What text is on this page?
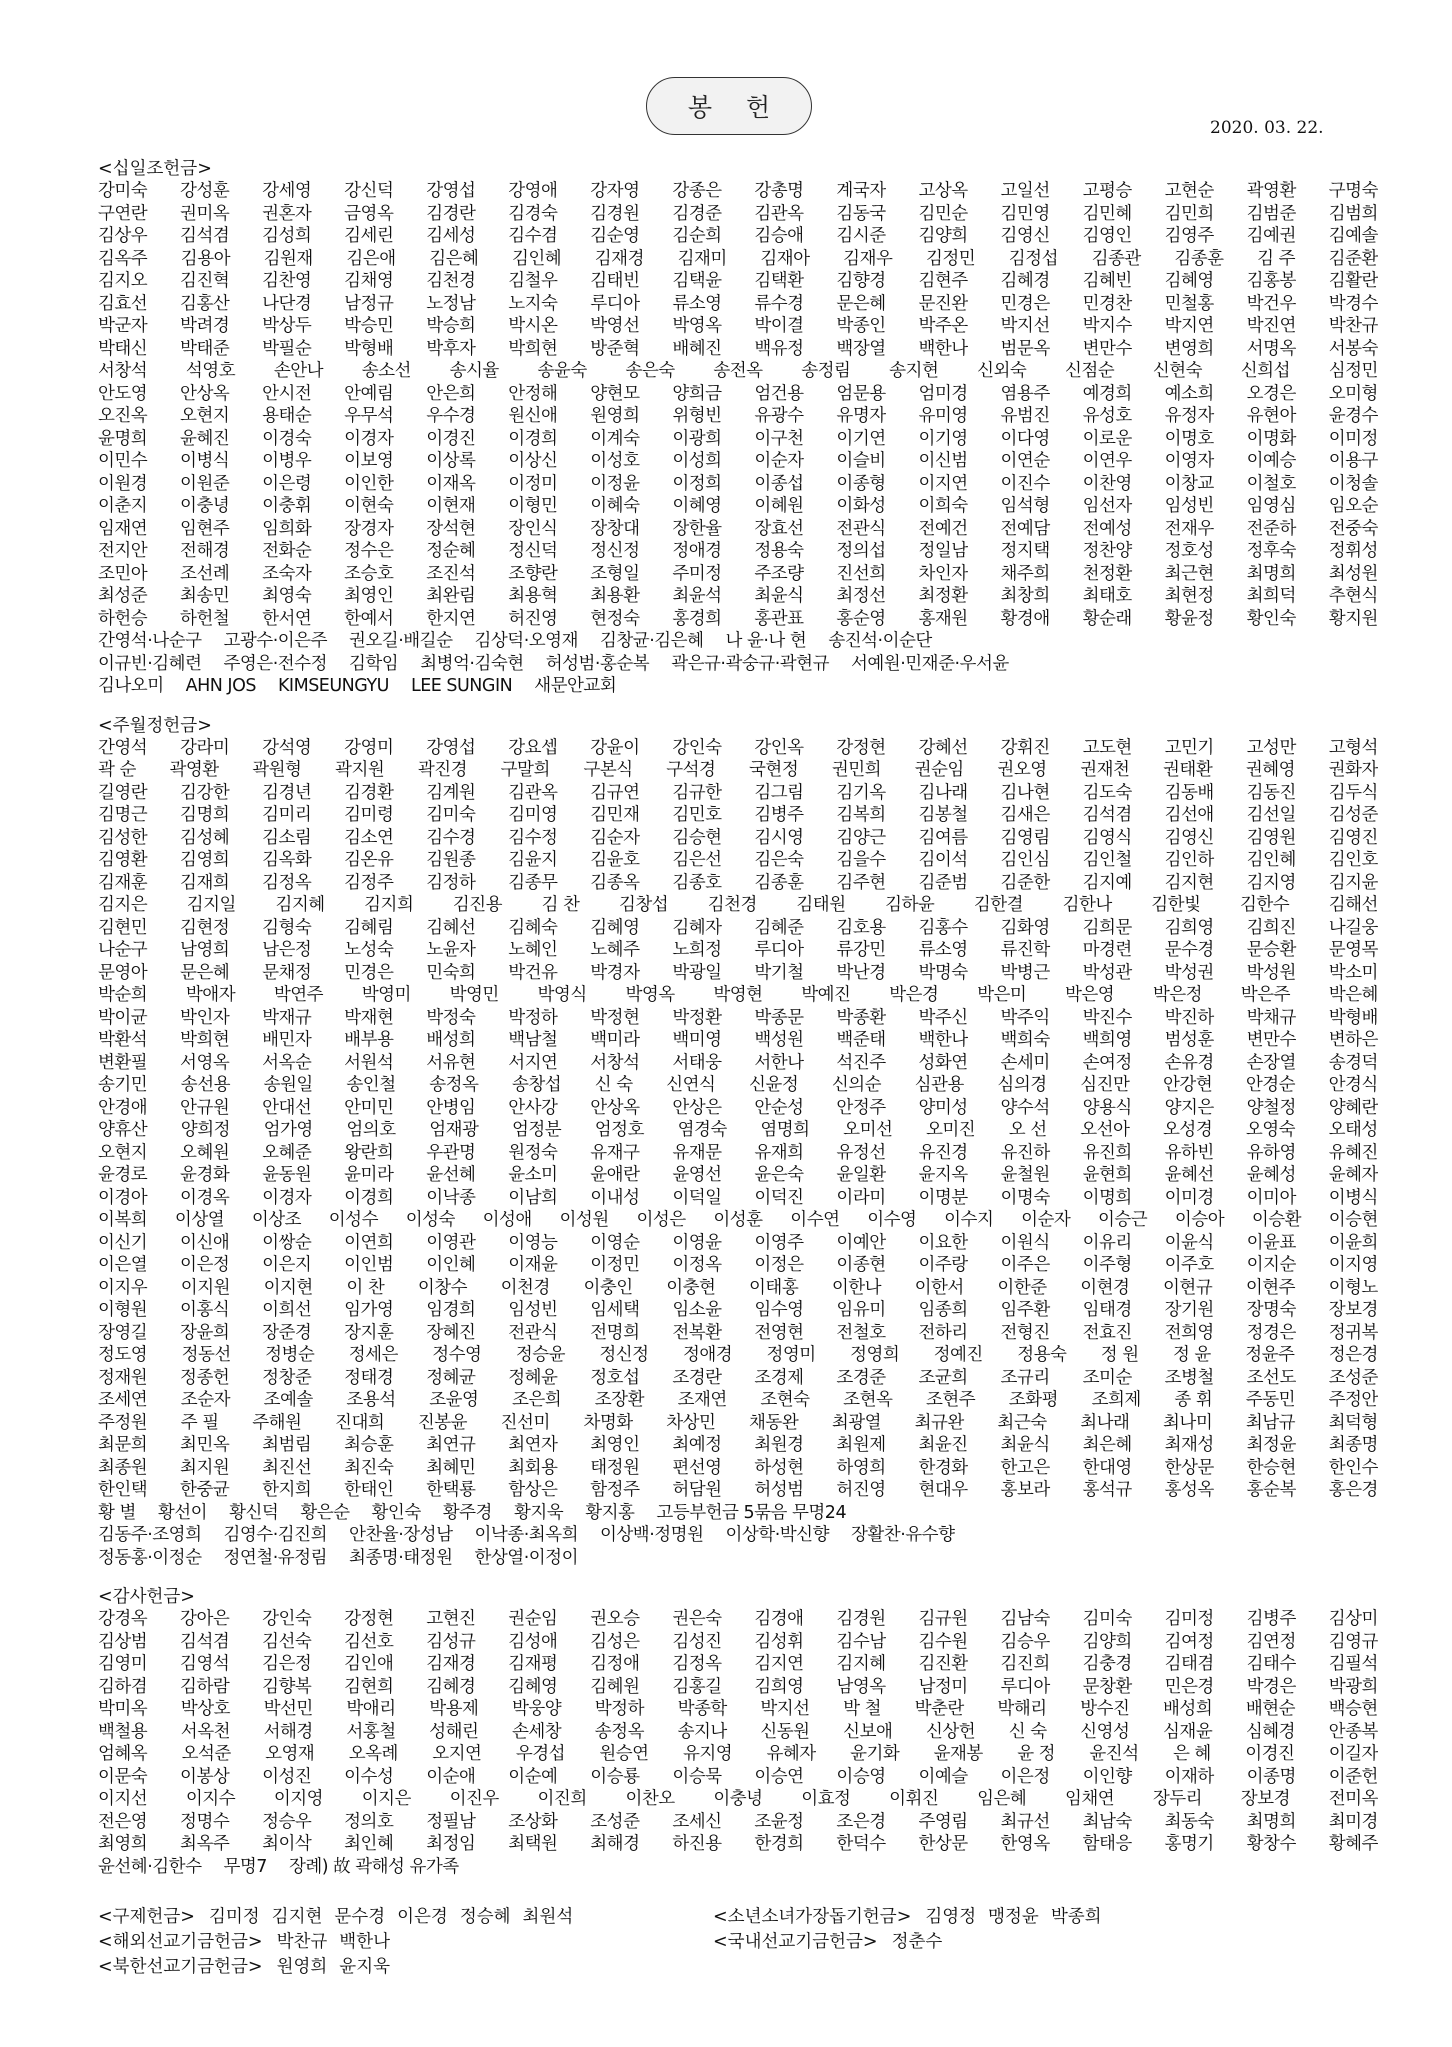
봉헌
2020. 03. 22.
<십일조헌금>
강미숙 강성훈 강세영 강신덕 강영섭 강영애 강자영 강종은 강총명 계국자 고상옥 고일선 고평승 고현순 곽영환 구명숙
구연란 권미옥 권혼자 금영옥 김경란 김경숙 김경원 김경준 김관옥 김동국 김민순 김민영 김민혜 김민희 김범준 김범희
김상우 김석겸 김성희 김세린 김세성 김수겸 김순영 김순희 김승애 김시준 김양희 김영신 김영인 김영주 김예권 김예솔
김옥주 김용아 김원재 김은애 김은혜 김인혜 김재경 김재미 김재아 김재우 김정민 김정섭 김종관 김종훈 김 주 김준환
김지오 김진혁 김찬영 김채영 김천경 김철우 김태빈 김택윤 김택환 김향경 김현주 김혜경 김혜빈 김혜영 김홍봉 김활란
김효선 김홍산 나단경 남정규 노정남 노지숙 루디아 류소영 류수경 문은혜 문진완 민경은 민경찬 민철홍 박건우 박경수
박군자 박려경 박상두 박승민 박승희 박시온 박영선 박영옥 박이결 박종인 박주온 박지선 박지수 박지연 박진연 박찬규
박태신 박태준 박필순 박형배 박후자 박희현 방준혁 배혜진 백유정 백장열 백한나 범문옥 변만수 변영희 서명옥 서봉숙
서창석 석영호 손안나 송소선 송시율 송윤숙 송은숙 송전옥 송정림 송지현 신외숙 신점순 신현숙 신희섭 심정민
안도영 안상옥 안시전 안예림 안은희 안정해 양현모 양희금 엄건용 엄문용 엄미경 염용주 예경희 예소희 오경은 오미형
오진옥 오현지 용태순 우무석 우수경 원신애 원영희 위형빈 유광수 유명자 유미영 유범진 유성호 유정자 유현아 윤경수
윤명희 윤혜진 이경숙 이경자 이경진 이경희 이계숙 이광희 이구천 이기연 이기영 이다영 이로운 이명호 이명화 이미정
이민수 이병식 이병우 이보영 이상록 이상신 이성호 이성희 이순자 이슬비 이신범 이연순 이연우 이영자 이예승 이용구
이원경 이원준 이은령 이인한 이재옥 이정미 이정윤 이정희 이종섭 이종형 이지연 이진수 이찬영 이창교 이철호 이청솔
이춘지 이충녕 이충휘 이현숙 이현재 이형민 이혜숙 이혜영 이혜원 이화성 이희숙 임석형 임선자 임성빈 임영심 임오순
임재연 임현주 임희화 장경자 장석현 장인식 장창대 장한율 장효선 전관식 전예건 전예담 전예성 전재우 전준하 전중숙
전지안 전해경 전화순 정수은 정순혜 정신덕 정신정 정애경 정용숙 정의섭 정일남 정지택 정찬양 정호성 정후숙 정휘성
조민아 조선례 조숙자 조승호 조진석 조향란 조형일 주미정 주조량 진선희 차인자 채주희 천정환 최근현 최명희 최성원
최성준 최송민 최영숙 최영인 최완림 최용혁 최용환 최윤석 최윤식 최정선 최정환 최창희 최태호 최현정 최희덕 추현식
하헌승 하헌철 한서연 한예서 한지연 허진영 현정숙 홍경희 홍관표 홍순영 홍재원 황경애 황순래 황윤정 황인숙 황지원
간영석·나순구 고광수·이은주 권오길·배길순 김상덕·오영재 김창균·김은혜 나 윤·나 현 송진석·이순단
이규빈·김혜련 주영은·전수정 김학임 최병억·김숙현 허성범·홍순복 곽은규·곽숭규·곽현규 서예원·민재준·우서윤
김나오미 AHN JOS KIMSEUNGYU LEE SUNGIN 새문안교회
<주월정헌금>
간영석 강라미 강석영 강영미 강영섭 강요셉 강윤이 강인숙 강인옥 강정현 강혜선 강휘진 고도현 고민기 고성만 고형석
곽 순 곽영환 곽원형 곽지원 곽진경 구말희 구본식 구석경 국현정 권민희 권순임 권오영 권재천 권태환 권혜영 권화자
길영란 김강한 김경년 김경환 김계원 김관옥 김규연 김규한 김그림 김기옥 김나래 김나현 김도숙 김동배 김동진 김두식
김명근 김명희 김미리 김미령 김미숙 김미영 김민재 김민호 김병주 김복희 김봉철 김새은 김석겸 김선애 김선일 김성준
김성한 김성혜 김소림 김소연 김수경 김수정 김순자 김승현 김시영 김양근 김여름 김영림 김영식 김영신 김영원 김영진
김영환 김영희 김옥화 김온유 김원종 김윤지 김윤호 김은선 김은숙 김을수 김이석 김인심 김인철 김인하 김인혜 김인호
김재훈 김재희 김정옥 김정주 김정하 김종무 김종옥 김종호 김종훈 김주현 김준범 김준한 김지예 김지현 김지영 김지윤
김지은 김지일 김지혜 김지희 김진용 김 찬 김창섭 김천경 김태원 김하윤 김한결 김한나 김한빛 김한수 김해선
김현민 김현정 김형숙 김혜림 김혜선 김혜숙 김혜영 김혜자 김혜준 김호용 김홍수 김화영 김희문 김희영 김희진 나길웅
나순구 남영희 남은정 노성숙 노윤자 노혜인 노혜주 노희정 루디아 류강민 류소영 류진학 마경련 문수경 문승환 문영목
문영아 문은혜 문채정 민경은 민숙희 박건유 박경자 박광일 박기철 박난경 박명숙 박병근 박성관 박성권 박성원 박소미
박순희 박애자 박연주 박영미 박영민 박영식 박영옥 박영현 박예진 박은경 박은미 박은영 박은정 박은주 박은혜
박이균 박인자 박재규 박재현 박정숙 박정하 박정현 박정환 박종문 박종환 박주신 박주익 박진수 박진하 박채규 박형배
박환석 박희현 배민자 배부용 배성희 백남철 백미라 백미영 백성원 백준태 백한나 백희숙 백희영 범성훈 변만수 변하은
변환필 서영옥 서옥순 서원석 서유현 서지연 서창석 서태웅 서한나 석진주 성화연 손세미 손여정 손유경 손장열 송경덕
송기민 송선용 송원일 송인철 송정옥 송창섭 신 숙 신연식 신윤정 신의순 심관용 심의경 심진만 안강현 안경순 안경식
안경애 안규원 안대선 안미민 안병임 안사강 안상옥 안상은 안순성 안정주 양미성 양수석 양용식 양지은 양철정 양혜란
양휴산 양희정 엄가영 엄의호 엄재광 엄정분 엄정호 염경숙 염명희 오미선 오미진 오 선 오선아 오성경 오영숙 오태성
오현지 오혜원 오혜준 왕란희 우관명 원정숙 유재구 유재문 유재희 유정선 유진경 유진하 유진희 유하빈 유하영 유혜진
윤경로 윤경화 윤동원 윤미라 윤선혜 윤소미 윤애란 윤영선 윤은숙 윤일환 윤지옥 윤철원 윤현희 윤혜선 윤혜성 윤혜자
이경아 이경옥 이경자 이경희 이낙종 이남희 이내성 이덕일 이덕진 이라미 이명분 이명숙 이명희 이미경 이미아 이병식
이복희 이상열 이상조 이성수 이성숙 이성애 이성원 이성은 이성훈 이수연 이수영 이수지 이순자 이승근 이승아 이승환 이승현
이신기 이신애 이쌍순 이연희 이영관 이영능 이영순 이영윤 이영주 이예안 이요한 이원식 이유리 이윤식 이윤표 이윤희
이은열 이은정 이은지 이인범 이인혜 이재윤 이정민 이정옥 이정은 이종현 이주랑 이주은 이주형 이주호 이지순 이지영
이지우 이지원 이지현 이 찬 이창수 이천경 이충인 이충현 이태홍 이한나 이한서 이한준 이현경 이현규 이현주 이형노
이형원 이홍식 이희선 임가영 임경희 임성빈 임세택 임소윤 임수영 임유미 임종희 임주환 임태경 장기원 장명숙 장보경
장영길 장윤희 장준경 장지훈 장혜진 전관식 전명희 전복환 전영현 전철호 전하리 전형진 전효진 전희영 정경은 정귀복
정도영 정동선 정병순 정세은 정수영 정승윤 정신정 정애경 정영미 정영희 정예진 정용숙 정 원 정 윤 정윤주 정은경
정재원 정종헌 정창준 정태경 정혜균 정혜윤 정호섭 조경란 조경제 조경준 조균희 조규리 조미순 조병철 조선도 조성준
조세연 조순자 조예솔 조용석 조윤영 조은희 조장환 조재연 조현숙 조현옥 조현주 조화평 조희제 종 휘 주동민 주정안
주정원 주 필 주해원 진대희 진봉윤 진선미 차명화 차상민 채동완 최광열 최규완 최근숙 최나래 최나미 최남규 최덕형
최문희 최민옥 최범림 최승훈 최연규 최연자 최영인 최예정 최원경 최원제 최윤진 최윤식 최은혜 최재성 최정윤 최종명
최종원 최지원 최진선 최진숙 최혜민 최회용 태정원 편선영 하성현 하영희 한경화 한고은 한대영 한상문 한승현 한인수
한인택 한중균 한지희 한태인 한택룡 함상은 함정주 허담원 허성범 허진영 현대우 홍보라 홍석규 홍성옥 홍순복 홍은경
황 별 황선이 황신덕 황은순 황인숙 황주경 황지욱 황지홍 고등부헌금 5묶음 무명24
김동주·조영희 김영수·김진희 안찬율·장성남 이낙종·최옥희 이상백·정명원 이상학·박신향 장활찬·유수향
정동홍·이정순 정연철·유정림 최종명·태정원 한상열·이정이
<감사헌금>
강경옥 강아은 강인숙 강정현 고현진 권순임 권오승 권은숙 김경애 김경원 김규원 김남숙 김미숙 김미정 김병주 김상미
김상범 김석겸 김선숙 김선호 김성규 김성애 김성은 김성진 김성휘 김수남 김수원 김승우 김양희 김여정 김연정 김영규
김영미 김영석 김은정 김인애 김재경 김재평 김정애 김정옥 김지연 김지혜 김진환 김진희 김충경 김태겸 김태수 김필석
김하겸 김하람 김향복 김현희 김혜경 김혜영 김혜원 김홍길 김희영 남영옥 남정미 루디아 문창환 민은경 박경은 박광희
박미옥 박상호 박선민 박애리 박용제 박웅양 박정하 박종학 박지선 박 철 박춘란 박해리 방수진 배성희 배현순 백승현
백철용 서옥천 서해경 서홍철 성해린 손세창 송정옥 송지나 신동원 신보애 신상헌 신 숙 신영성 심재윤 심혜경 안종복
엄혜옥 오석준 오영재 오옥례 오지연 우경섭 원승연 유지영 유혜자 윤기화 윤재봉 윤 정 윤진석 은 혜 이경진 이길자
이문숙 이봉상 이성진 이수성 이순애 이순예 이승룡 이승묵 이승연 이승영 이예슬 이은정 이인향 이재하 이종명 이준헌
이지선 이지수 이지영 이지은 이진우 이진희 이찬오 이충녕 이효정 이휘진 임은혜 임채연 장두리 장보경 전미옥
전은영 정명수 정승우 정의호 정필남 조상화 조성준 조세신 조윤정 조은경 주영림 최규선 최남숙 최동숙 최명희 최미경
최영희 최옥주 최이삭 최인혜 최정임 최택원 최해경 하진용 한경희 한덕수 한상문 한영옥 함태응 홍명기 황창수 황혜주
윤선혜·김한수 무명7 장례) 故 곽해성 유가족
<구제헌금> 김미정 김지현 문수경 이은경 정승혜 최원석	<소년소녀가장돕기헌금> 김영정 맹정윤 박종희
<해외선교기금헌금> 박찬규 백한나	<국내선교기금헌금> 정춘수
<북한선교기금헌금> 원영희 윤지욱
